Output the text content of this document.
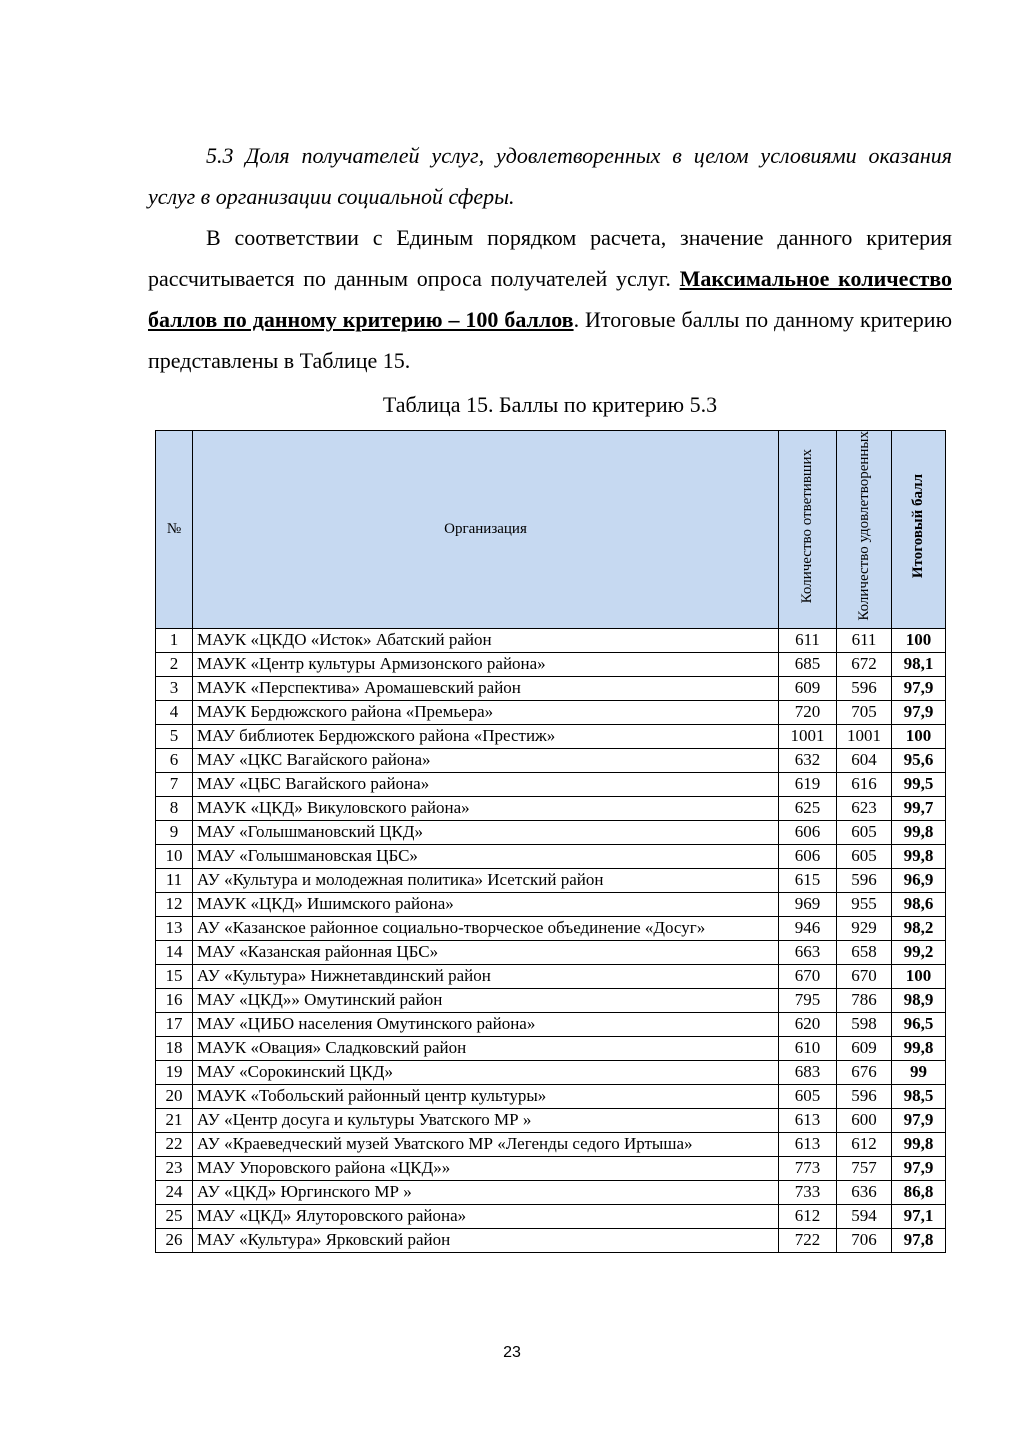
5.3 Доля получателей услуг, удовлетворенных в целом условиями оказания услуг в организации социальной сферы.

В соответствии с Единым порядком расчета, значение данного критерия рассчитывается по данным опроса получателей услуг. Максимальное количество баллов по данному критерию – 100 баллов. Итоговые баллы по данному критерию представлены в Таблице 15.

Таблица 15. Баллы по критерию 5.3
№	Организация	Количество ответивших	Количество удовлетворенных	Итоговый балл
1	МАУК «ЦКДО «Исток» Абатский район	611	611	100
2	МАУК «Центр культуры Армизонского района»	685	672	98,1
3	МАУК «Перспектива» Аромашевский район	609	596	97,9
4	МАУК Бердюжского района «Премьера»	720	705	97,9
5	МАУ библиотек Бердюжского района «Престиж»	1001	1001	100
6	МАУ «ЦКС Вагайского района»	632	604	95,6
7	МАУ «ЦБС Вагайского района»	619	616	99,5
8	МАУК «ЦКД» Викуловского района»	625	623	99,7
9	МАУ «Голышмановский ЦКД»	606	605	99,8
10	МАУ «Голышмановская ЦБС»	606	605	99,8
11	АУ «Культура и молодежная политика» Исетский район	615	596	96,9
12	МАУК «ЦКД» Ишимского района»	969	955	98,6
13	АУ «Казанское районное социально-творческое объединение «Досуг»	946	929	98,2
14	МАУ «Казанская районная ЦБС»	663	658	99,2
15	АУ «Культура» Нижнетавдинский район	670	670	100
16	МАУ «ЦКД»» Омутинский район	795	786	98,9
17	МАУ «ЦИБО населения Омутинского района»	620	598	96,5
18	МАУК «Овация» Сладковский район	610	609	99,8
19	МАУ «Сорокинский ЦКД»	683	676	99
20	МАУК «Тобольский районный центр культуры»	605	596	98,5
21	АУ «Центр досуга и культуры Уватского МР »	613	600	97,9
22	АУ «Краеведческий музей Уватского МР «Легенды седого Иртыша»	613	612	99,8
23	МАУ Упоровского района «ЦКД»»	773	757	97,9
24	АУ «ЦКД» Юргинского МР »	733	636	86,8
25	МАУ «ЦКД» Ялуторовского района»	612	594	97,1
26	МАУ «Культура» Ярковский район	722	706	97,8
23
